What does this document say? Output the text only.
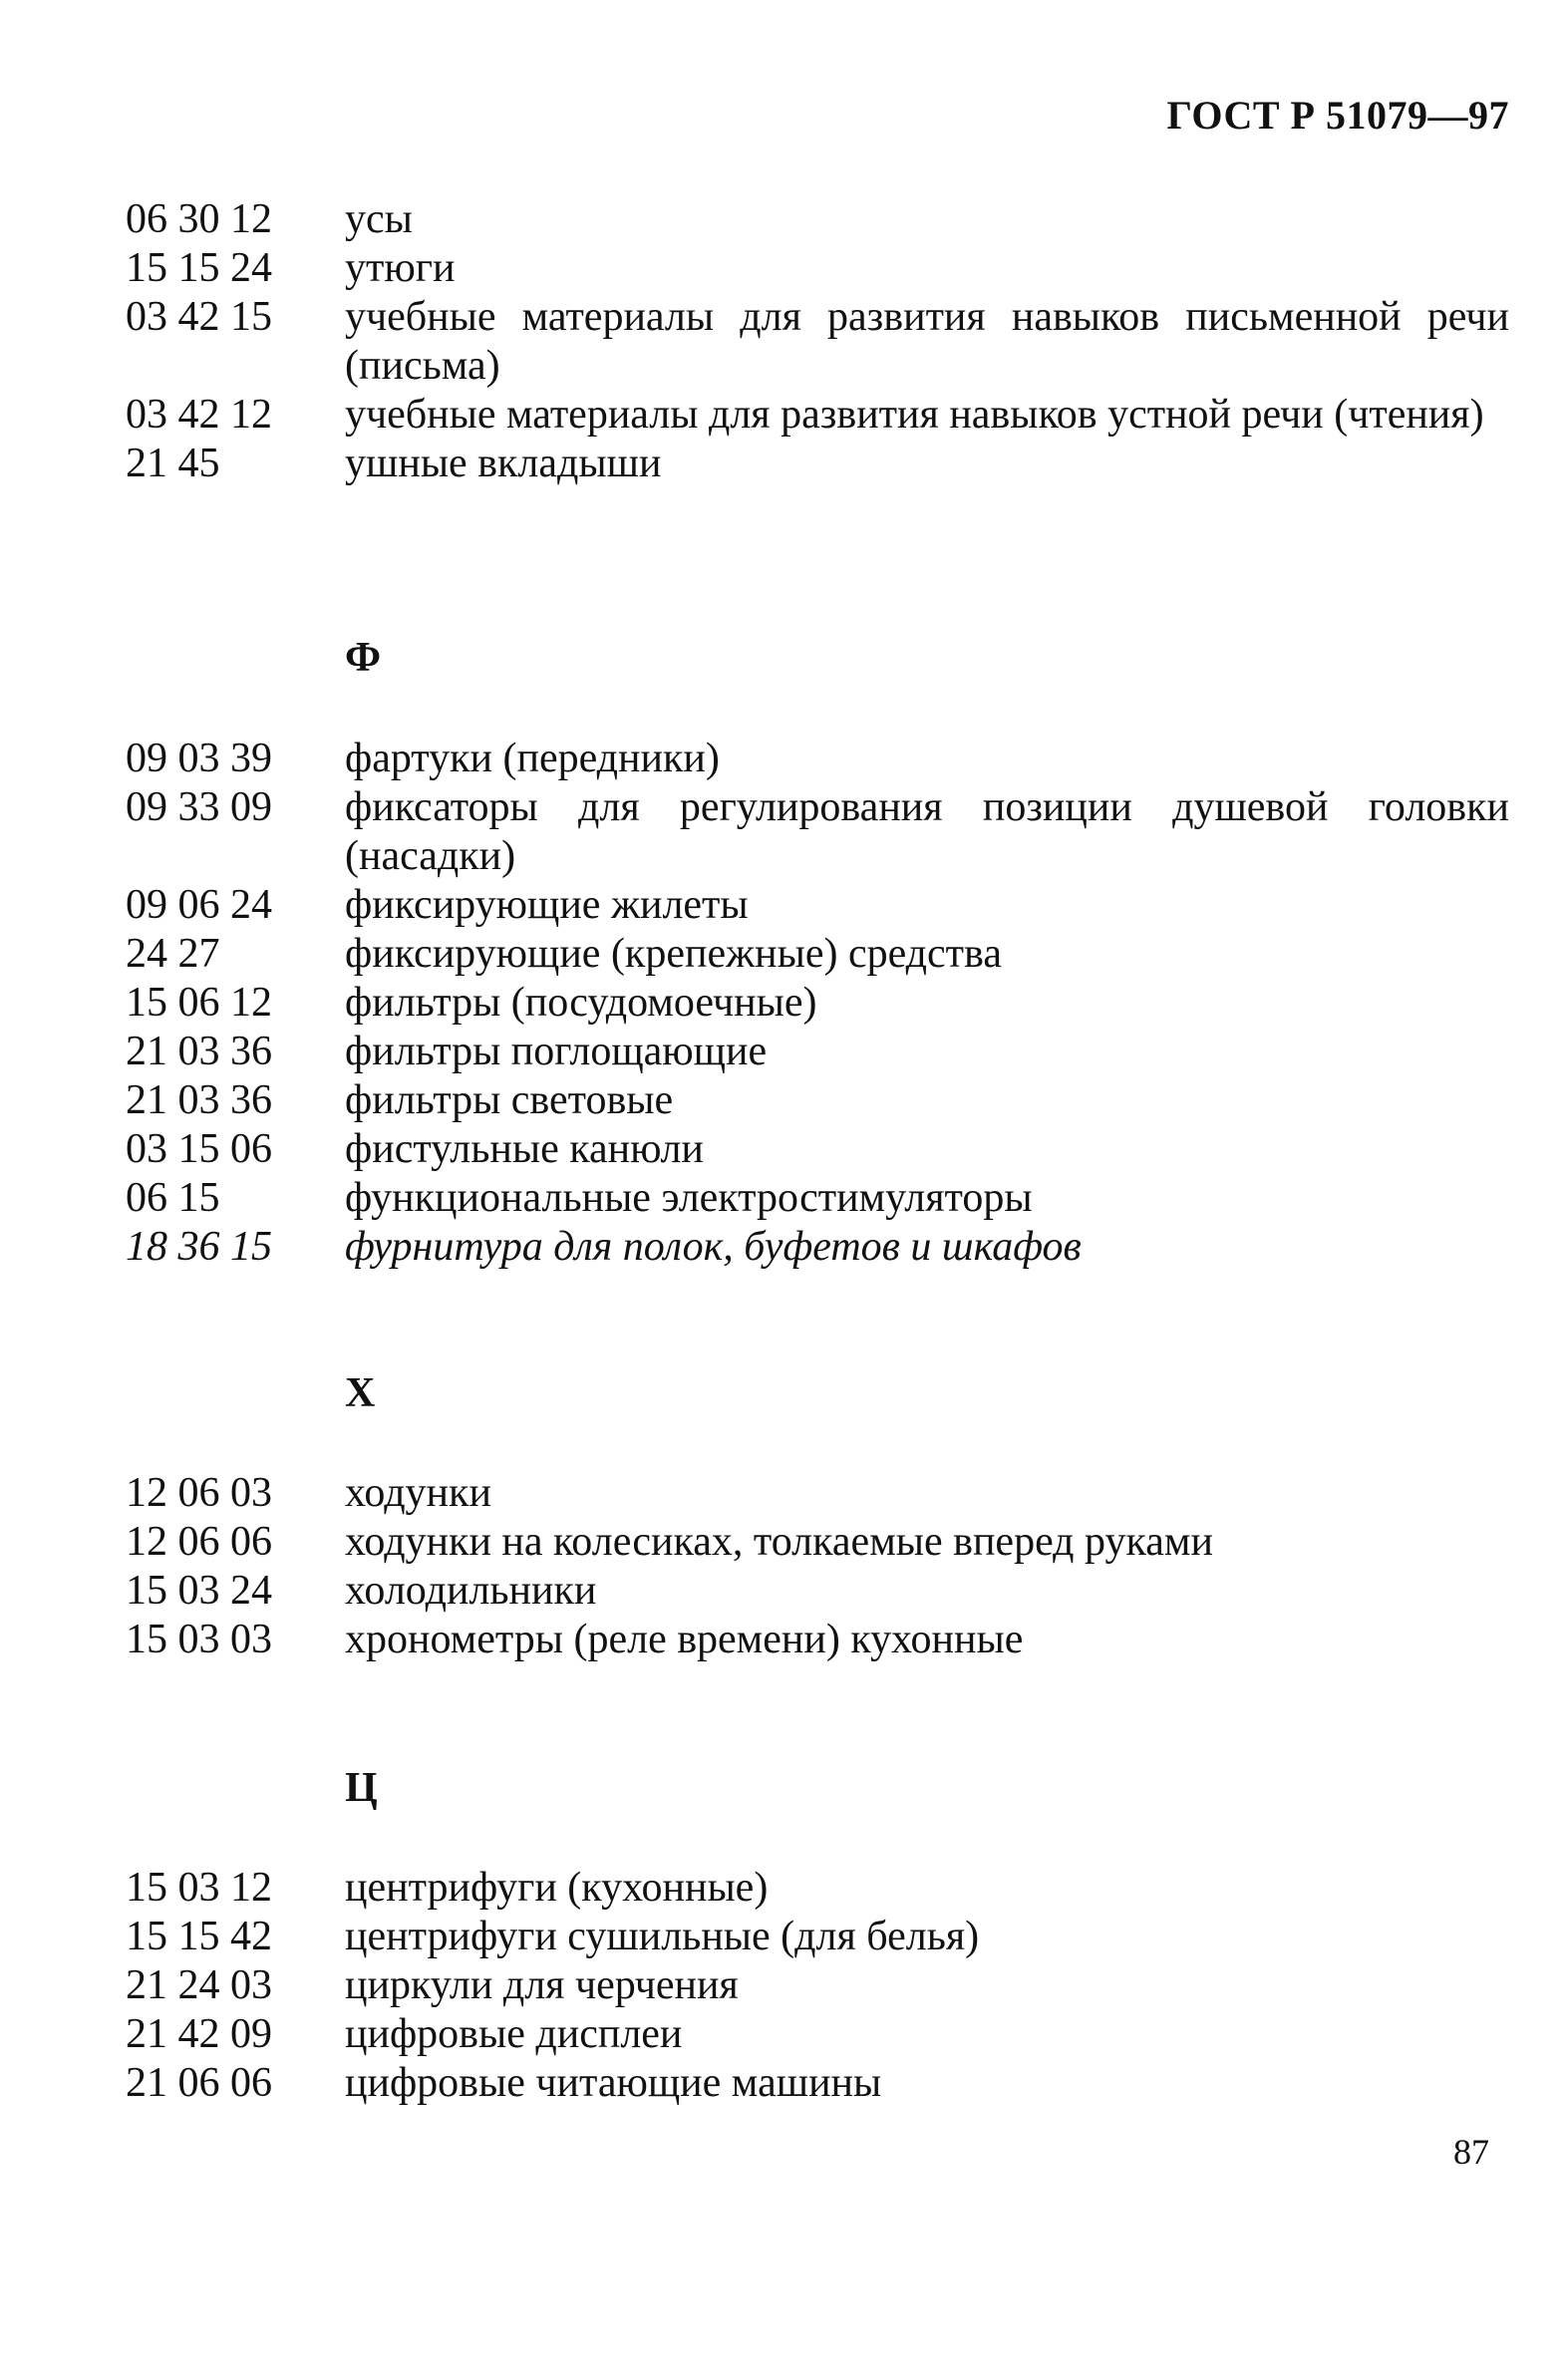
ГОСТ Р 51079—97
06 30 12 усы
15 15 24 утюги
03 42 15 учебные материалы для развития навыков письменной речи (письма)
03 42 12 учебные материалы для развития навыков устной речи (чтения)
21 45	ушные вкладыши
Ф
09 03 39 фартуки (передники)
09 33 09 фиксаторы для регулирования позиции душевой головки (насадки)
09 06 24 фиксирующие жилеты
24 27	фиксирующие (крепежные) средства
15 06 12 фильтры (посудомоечные)
21 03 36 фильтры поглощающие
21 03 36 фильтры световые
03 15 06 фистульные канюли
06 15	функциональные электростимуляторы
18 36 15 фурнитура для полок, буфетов и шкафов
Х
12 06 03 ходунки
12 06 06 ходунки на колесиках, толкаемые вперед руками
15 03 24 холодильники
15 03 03 хронометры (реле времени) кухонные
Ц
15 03 12 центрифуги (кухонные)
15 15 42 центрифуги сушильные (для белья)
21 24 03 циркули для черчения
21 42 09 цифровые дисплеи
21 06 06 цифровые читающие машины
87
